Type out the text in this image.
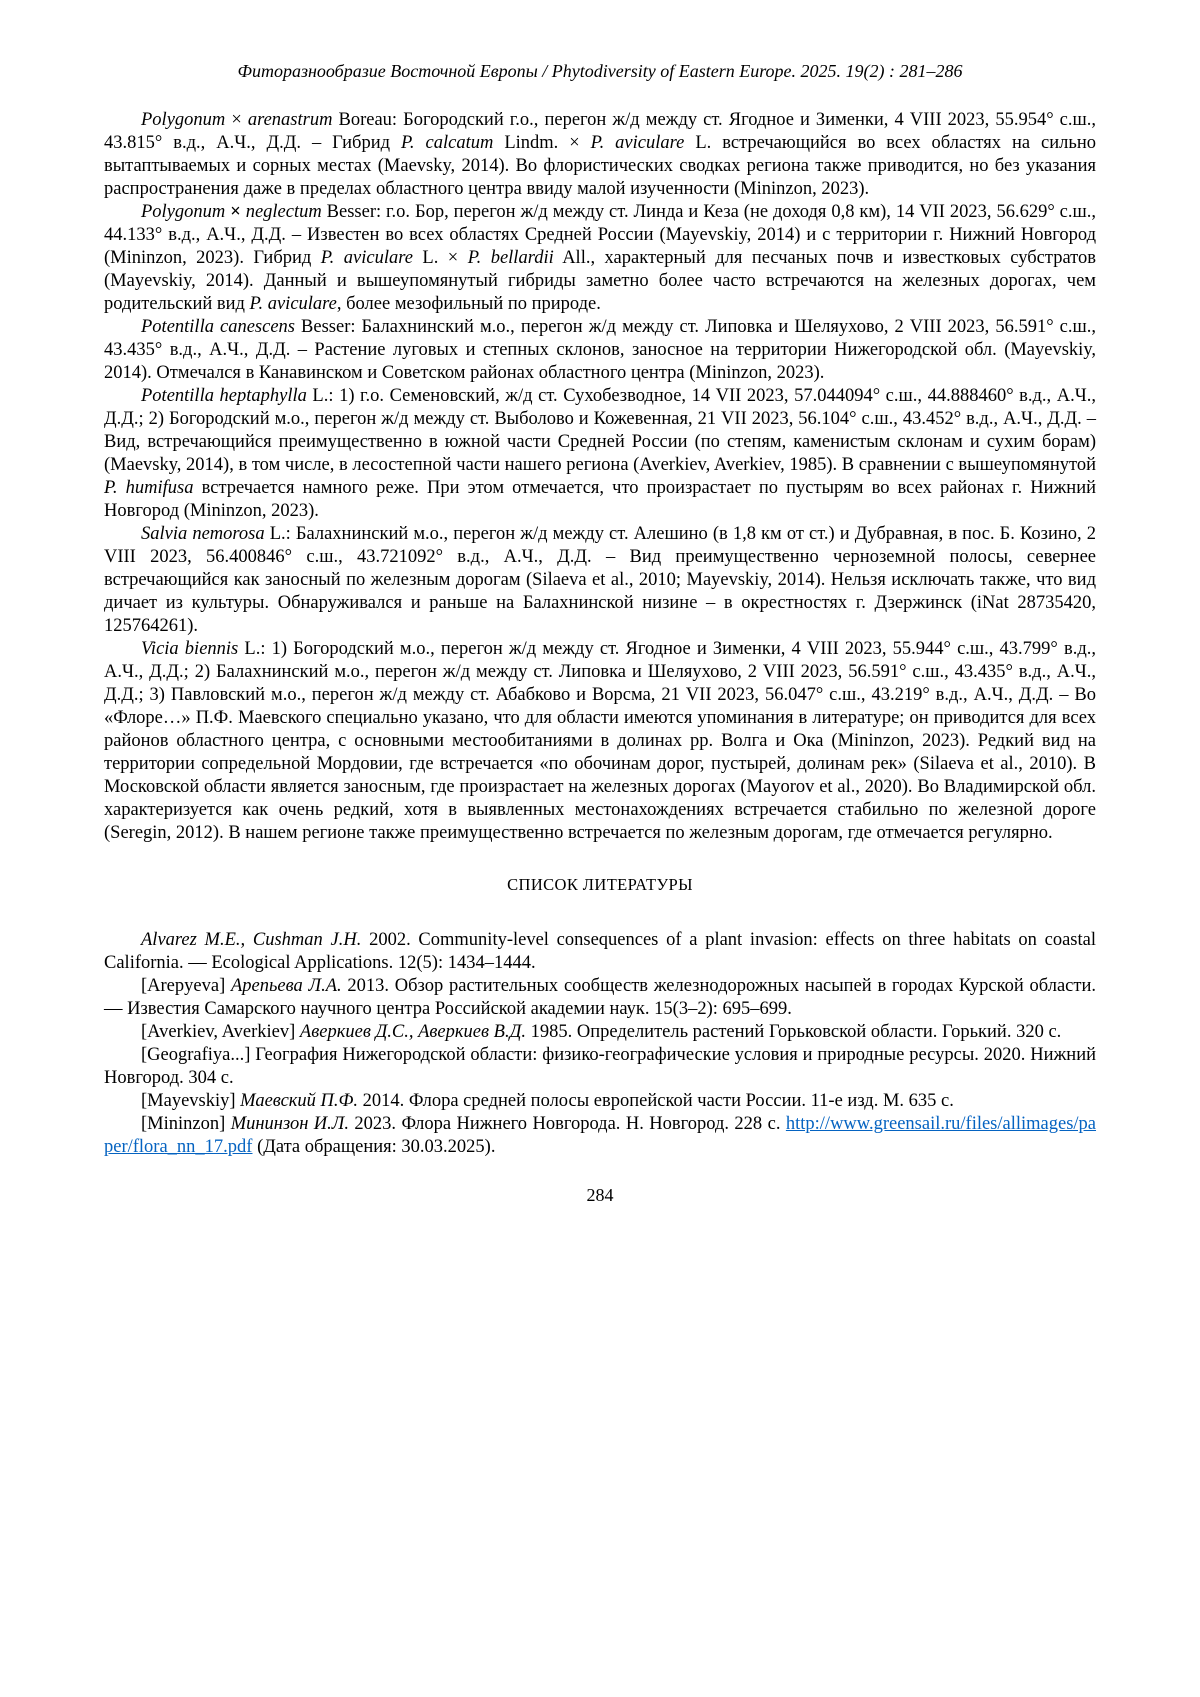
Фиторазнообразие Восточной Европы / Phytodiversity of Eastern Europe. 2025. 19(2) : 281–286

Polygonum × arenastrum Boreau: Богородский г.о., перегон ж/д между ст. Ягодное и Зименки, 4 VIII 2023, 55.954° с.ш., 43.815° в.д., А.Ч., Д.Д. – Гибрид P. calcatum Lindm. × P. aviculare L. встречающийся во всех областях на сильно вытаптываемых и сорных местах (Maevsky, 2014). Во флористических сводках региона также приводится, но без указания распространения даже в пределах областного центра ввиду малой изученности (Mininzon, 2023).

Polygonum × neglectum Besser: г.о. Бор, перегон ж/д между ст. Линда и Кеза (не доходя 0,8 км), 14 VII 2023, 56.629° с.ш., 44.133° в.д., А.Ч., Д.Д. – Известен во всех областях Средней России (Mayevskiy, 2014) и с территории г. Нижний Новгород (Mininzon, 2023). Гибрид P. aviculare L. × P. bellardii All., характерный для песчаных почв и известковых субстратов (Mayevskiy, 2014). Данный и вышеупомянутый гибриды заметно более часто встречаются на железных дорогах, чем родительский вид P. aviculare, более мезофильный по природе.

Potentilla canescens Besser: Балахнинский м.о., перегон ж/д между ст. Липовка и Шеляухово, 2 VIII 2023, 56.591° с.ш., 43.435° в.д., А.Ч., Д.Д. – Растение луговых и степных склонов, заносное на территории Нижегородской обл. (Mayevskiy, 2014). Отмечался в Канавинском и Советском районах областного центра (Mininzon, 2023).

Potentilla heptaphylla L.: 1) г.о. Семеновский, ж/д ст. Сухобезводное, 14 VII 2023, 57.044094° с.ш., 44.888460° в.д., А.Ч., Д.Д.; 2) Богородский м.о., перегон ж/д между ст. Выболово и Кожевенная, 21 VII 2023, 56.104° с.ш., 43.452° в.д., А.Ч., Д.Д. – Вид, встречающийся преимущественно в южной части Средней России (по степям, каменистым склонам и сухим борам) (Maevsky, 2014), в том числе, в лесостепной части нашего региона (Averkiev, Averkiev, 1985). В сравнении с вышеупомянутой P. humifusa встречается намного реже. При этом отмечается, что произрастает по пустырям во всех районах г. Нижний Новгород (Mininzon, 2023).

Salvia nemorosa L.: Балахнинский м.о., перегон ж/д между ст. Алешино (в 1,8 км от ст.) и Дубравная, в пос. Б. Козино, 2 VIII 2023, 56.400846° с.ш., 43.721092° в.д., А.Ч., Д.Д. – Вид преимущественно черноземной полосы, севернее встречающийся как заносный по железным дорогам (Silaeva et al., 2010; Mayevskiy, 2014). Нельзя исключать также, что вид дичает из культуры. Обнаруживался и раньше на Балахнинской низине – в окрестностях г. Дзержинск (iNat 28735420, 125764261).

Vicia biennis L.: 1) Богородский м.о., перегон ж/д между ст. Ягодное и Зименки, 4 VIII 2023, 55.944° с.ш., 43.799° в.д., А.Ч., Д.Д.; 2) Балахнинский м.о., перегон ж/д между ст. Липовка и Шеляухово, 2 VIII 2023, 56.591° с.ш., 43.435° в.д., А.Ч., Д.Д.; 3) Павловский м.о., перегон ж/д между ст. Абабково и Ворсма, 21 VII 2023, 56.047° с.ш., 43.219° в.д., А.Ч., Д.Д. – Во «Флоре…» П.Ф. Маевского специально указано, что для области имеются упоминания в литературе; он приводится для всех районов областного центра, с основными местообитаниями в долинах рр. Волга и Ока (Mininzon, 2023). Редкий вид на территории сопредельной Мордовии, где встречается «по обочинам дорог, пустырей, долинам рек» (Silaeva et al., 2010). В Московской области является заносным, где произрастает на железных дорогах (Mayorov et al., 2020). Во Владимирской обл. характеризуется как очень редкий, хотя в выявленных местонахождениях встречается стабильно по железной дороге (Seregin, 2012). В нашем регионе также преимущественно встречается по железным дорогам, где отмечается регулярно.

СПИСОК ЛИТЕРАТУРЫ

Alvarez M.E., Cushman J.H. 2002. Community-level consequences of a plant invasion: effects on three habitats on coastal California. — Ecological Applications. 12(5): 1434–1444.

[Arepyeva] Арепьева Л.А. 2013. Обзор растительных сообществ железнодорожных насыпей в городах Курской области. — Известия Самарского научного центра Российской академии наук. 15(3–2): 695–699.

[Averkiev, Averkiev] Аверкиев Д.С., Аверкиев В.Д. 1985. Определитель растений Горьковской области. Горький. 320 с.

[Geografiya...] География Нижегородской области: физико-географические условия и природные ресурсы. 2020. Нижний Новгород. 304 с.

[Mayevskiy] Маевский П.Ф. 2014. Флора средней полосы европейской части России. 11-е изд. М. 635 с.

[Mininzon] Мининзон И.Л. 2023. Флора Нижнего Новгорода. Н. Новгород. 228 с. http://www.greensail.ru/files/allimages/paper/flora_nn_17.pdf (Дата обращения: 30.03.2025).

284
